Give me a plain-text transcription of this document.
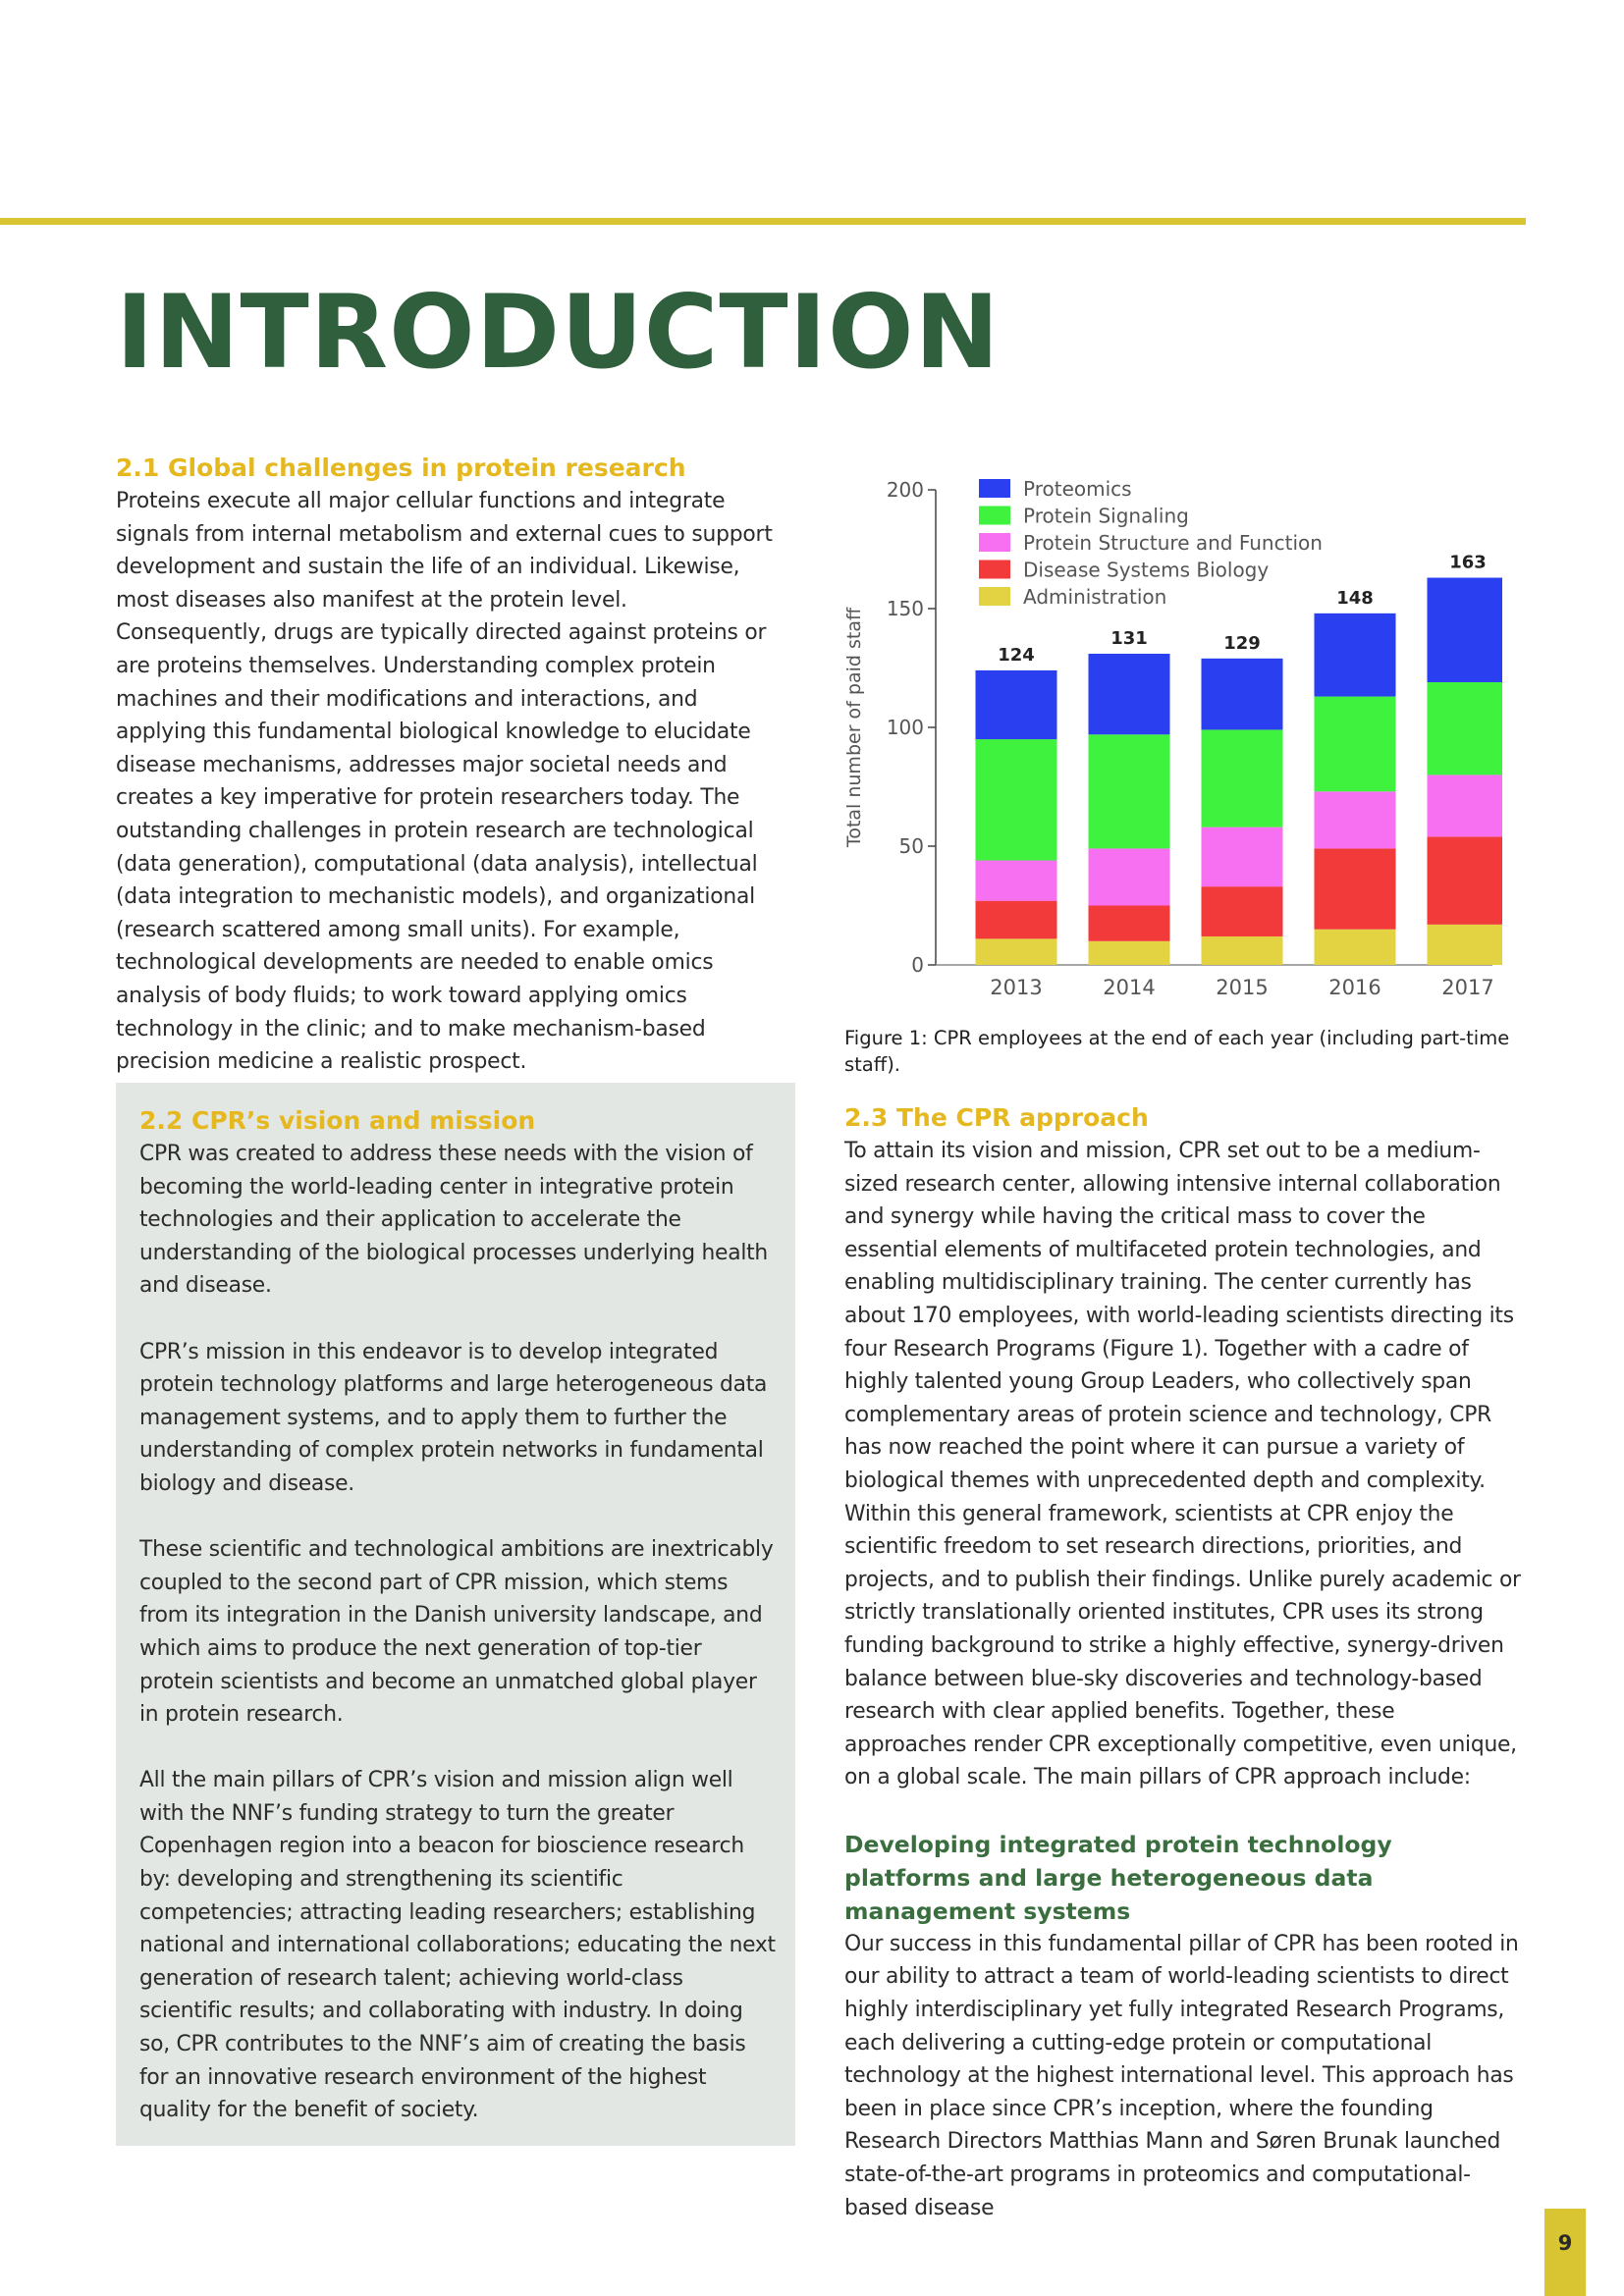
INTRODUCTION
2.1 Global challenges in protein research

Proteins execute all major cellular functions and integrate signals from internal metabolism and external cues to support development and sustain the life of an individual. Likewise, most diseases also manifest at the protein level. Consequently, drugs are typically directed against proteins or are proteins themselves. Understanding complex protein machines and their modifications and interactions, and applying this fundamental biological knowledge to elucidate disease mechanisms, addresses major societal needs and creates a key imperative for protein researchers today. The outstanding challenges in protein research are technological (data generation), computational (data analysis), intellectual (data integration to mechanistic models), and organizational (research scattered among small units). For example, technological developments are needed to enable omics analysis of body fluids; to work toward applying omics technology in the clinic; and to make mechanism-based precision medicine a realistic prospect.

2.2 CPR’s vision and mission

CPR was created to address these needs with the vision of becoming the world-leading center in integrative protein technologies and their application to accelerate the understanding of the biological processes underlying health and disease.

CPR’s mission in this endeavor is to develop integrated protein technology platforms and large heterogeneous data management systems, and to apply them to further the understanding of complex protein networks in fundamental biology and disease.

These scientific and technological ambitions are inextricably coupled to the second part of CPR mission, which stems from its integration in the Danish university landscape, and which aims to produce the next generation of top-tier protein scientists and become an unmatched global player in protein research.

All the main pillars of CPR’s vision and mission align well with the NNF’s funding strategy to turn the greater Copenhagen region into a beacon for bioscience research by: developing and strengthening its scientific competencies; attracting leading researchers; establishing national and international collaborations; educating the next generation of research talent; achieving world-class scientific results; and collaborating with industry. In doing so, CPR contributes to the NNF’s aim of creating the basis for an innovative research environment of the highest quality for the benefit of society.

Total number of paid staff
0
50
100
150
200
124
2013
131
2014
129
2015
148
2016
163
2017
Proteomics
Protein Signaling
Protein Structure and Function
Disease Systems Biology
Administration

Figure 1: CPR employees at the end of each year (including part-time staff).

2.3 The CPR approach

To attain its vision and mission, CPR set out to be a medium-sized research center, allowing intensive internal collaboration and synergy while having the critical mass to cover the essential elements of multifaceted protein technologies, and enabling multidisciplinary training. The center currently has about 170 employees, with world-leading scientists directing its four Research Programs (Figure 1). Together with a cadre of highly talented young Group Leaders, who collectively span complementary areas of protein science and technology, CPR has now reached the point where it can pursue a variety of biological themes with unprecedented depth and complexity. Within this general framework, scientists at CPR enjoy the scientific freedom to set research directions, priorities, and projects, and to publish their findings. Unlike purely academic or strictly translationally oriented institutes, CPR uses its strong funding background to strike a highly effective, synergy-driven balance between blue-sky discoveries and technology-based research with clear applied benefits. Together, these approaches render CPR exceptionally competitive, even unique, on a global scale. The main pillars of CPR approach include:

Developing integrated protein technology platforms and large heterogeneous data management systems

Our success in this fundamental pillar of CPR has been rooted in our ability to attract a team of world-leading scientists to direct highly interdisciplinary yet fully integrated Research Programs, each delivering a cutting-edge protein or computational technology at the highest international level. This approach has been in place since CPR’s inception, where the founding Research Directors Matthias Mann and Søren Brunak launched state-of-the-art programs in proteomics and computational-based disease

9
